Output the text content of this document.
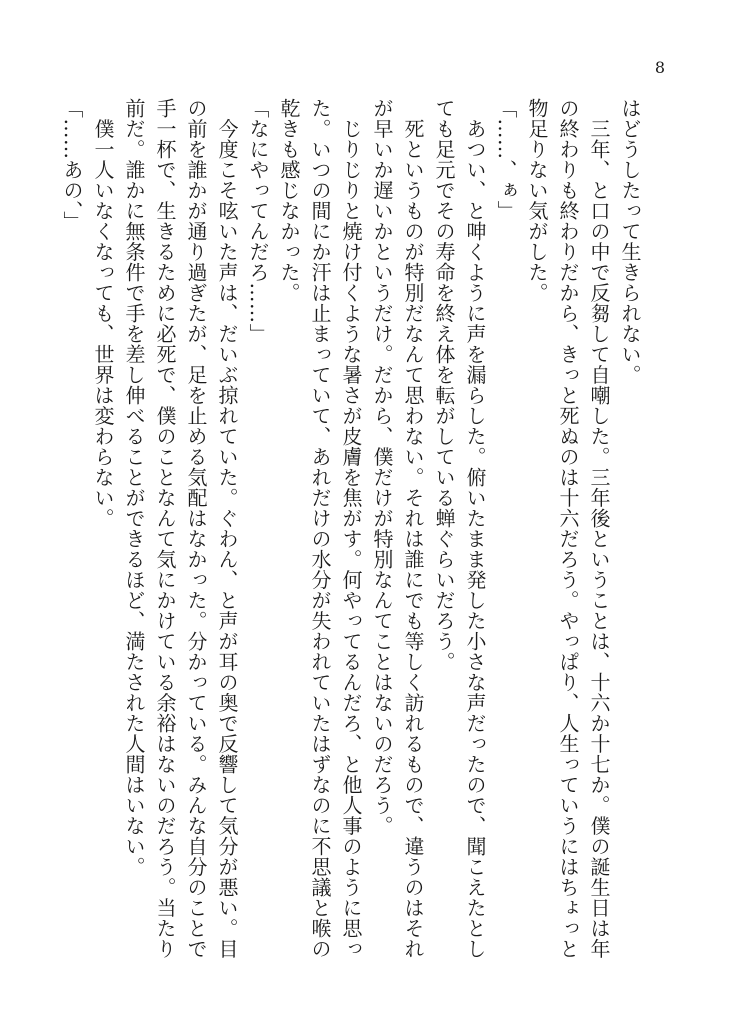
8
はどうしたって生きられない。
　三年、と口の中で反芻して自嘲した。三年後ということは、十六か十七か。僕の誕生日は年
の終わりも終わりだから、きっと死ぬのは十六だろう。やっぱり、人生っていうにはちょっと
物足りない気がした。
「……、ぁ」
　あつい、と呻くように声を漏らした。俯いたまま発した小さな声だったので、聞こえたとし
ても足元でその寿命を終え体を転がしている蝉ぐらいだろう。
　死というものが特別だなんて思わない。それは誰にでも等しく訪れるもので、違うのはそれ
が早いか遅いかというだけ。だから、僕だけが特別なんてことはないのだろう。
　じりじりと焼け付くような暑さが皮膚を焦がす。何やってるんだろ、と他人事のように思っ
た。いつの間にか汗は止まっていて、あれだけの水分が失われていたはずなのに不思議と喉の
乾きも感じなかった。
「なにやってんだろ……」
　今度こそ呟いた声は、だいぶ掠れていた。ぐわん、と声が耳の奥で反響して気分が悪い。目
の前を誰かが通り過ぎたが、足を止める気配はなかった。分かっている。みんな自分のことで
手一杯で、生きるために必死で、僕のことなんて気にかけている余裕はないのだろう。当たり
前だ。誰かに無条件で手を差し伸べることができるほど、満たされた人間はいない。
　僕一人いなくなっても、世界は変わらない。
「……あの、」
